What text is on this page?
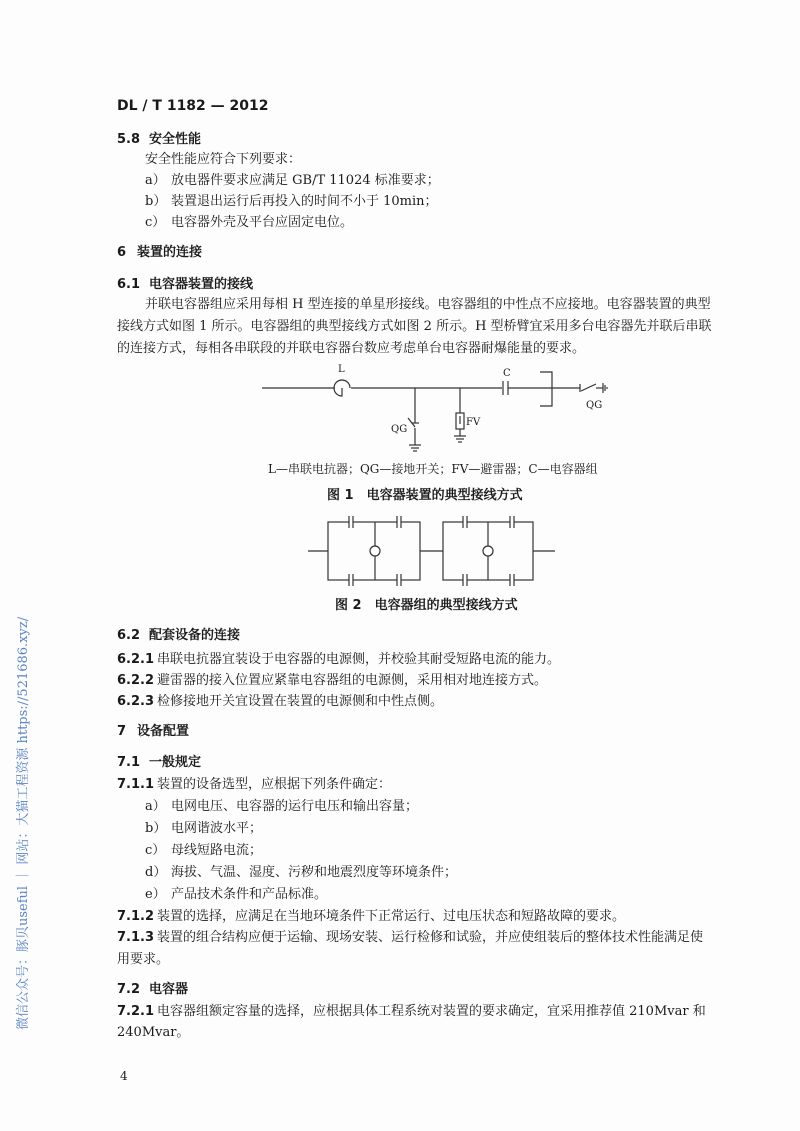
DL / T 1182 — 2012
5.8 安全性能
安全性能应符合下列要求：
a） 放电器件要求应满足 GB/T 11024 标准要求；
b） 装置退出运行后再投入的时间不小于 10min；
c） 电容器外壳及平台应固定电位。
6 装置的连接
6.1 电容器装置的接线
并联电容器组应采用每相 H 型连接的单星形接线。电容器组的中性点不应接地。电容器装置的典型
接线方式如图 1 所示。电容器组的典型接线方式如图 2 所示。H 型桥臂宜采用多台电容器先并联后串联
的连接方式，每相各串联段的并联电容器台数应考虑单台电容器耐爆能量的要求。
L	C
QG
FV
QG
L—串联电抗器；QG—接地开关；FV—避雷器；C—电容器组
图 1　电容器装置的典型接线方式
图 2　电容器组的典型接线方式
6.2 配套设备的连接
6.2.1 串联电抗器宜装设于电容器的电源侧，并校验其耐受短路电流的能力。
6.2.2 避雷器的接入位置应紧靠电容器组的电源侧，采用相对地连接方式。
6.2.3 检修接地开关宜设置在装置的电源侧和中性点侧。
7 设备配置
7.1 一般规定
7.1.1 装置的设备选型，应根据下列条件确定：
a） 电网电压、电容器的运行电压和输出容量；
b） 电网谐波水平；
c） 母线短路电流；
d） 海拔、气温、湿度、污秽和地震烈度等环境条件；
e） 产品技术条件和产品标准。
7.1.2 装置的选择，应满足在当地环境条件下正常运行、过电压状态和短路故障的要求。
7.1.3 装置的组合结构应便于运输、现场安装、运行检修和试验，并应使组装后的整体技术性能满足使
用要求。
7.2 电容器
7.2.1 电容器组额定容量的选择，应根据具体工程系统对装置的要求确定，宜采用推荐值 210Mvar 和
240Mvar。
4
微信公众号：豚贝useful ｜ 网站：大猫工程资源 https://521686.xyz/
